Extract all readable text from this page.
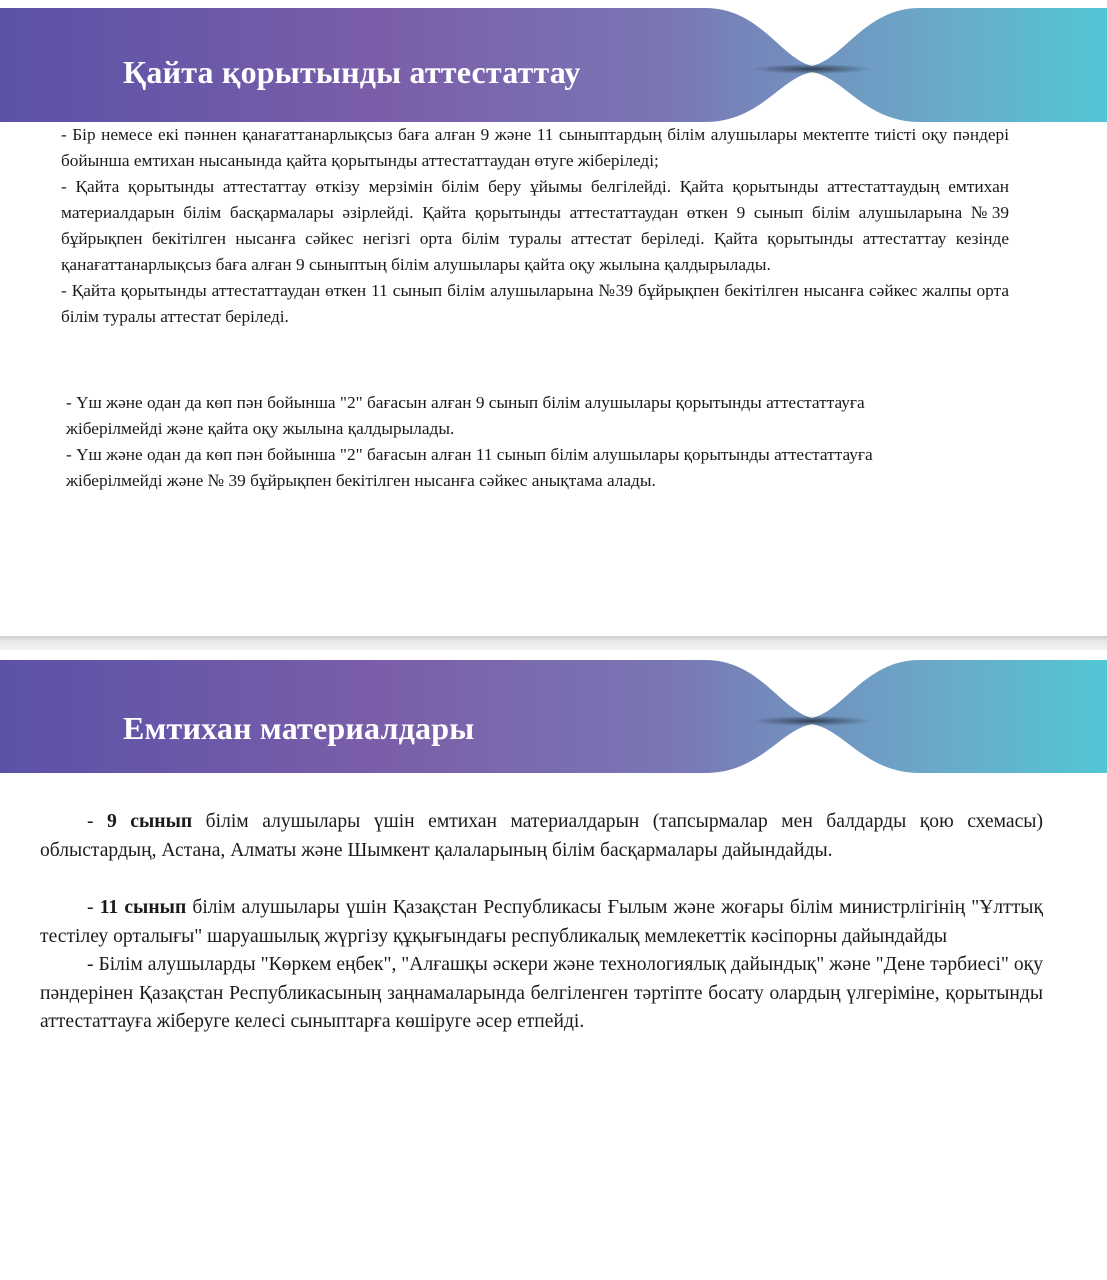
Қайта қорытынды аттестаттау

- Бір немесе екі пәннен қанағаттанарлықсыз баға алған 9 және 11 сыныптардың білім алушылары мектепте тиісті оқу пәндері бойынша емтихан нысанында қайта қорытынды аттестаттаудан өтуге жіберіледі;

- Қайта қорытынды аттестаттау өткізу мерзімін білім беру ұйымы белгілейді. Қайта қорытынды аттестаттаудың емтихан материалдарын білім басқармалары әзірлейді. Қайта қорытынды аттестаттаудан өткен 9 сынып білім алушыларына №39 бұйрықпен бекітілген нысанға сәйкес негізгі орта білім туралы аттестат беріледі. Қайта қорытынды аттестаттау кезінде қанағаттанарлықсыз баға алған 9 сыныптың білім алушылары қайта оқу жылына қалдырылады.

- Қайта қорытынды аттестаттаудан өткен 11 сынып білім алушыларына №39 бұйрықпен бекітілген нысанға сәйкес жалпы орта білім туралы аттестат беріледі.

- Үш және одан да көп пән бойынша "2" бағасын алған 9 сынып білім алушылары қорытынды аттестаттауға жіберілмейді және қайта оқу жылына қалдырылады.

- Үш және одан да көп пән бойынша "2" бағасын алған 11 сынып білім алушылары қорытынды аттестаттауға жіберілмейді және № 39 бұйрықпен бекітілген нысанға сәйкес анықтама алады.

Емтихан материалдары

- 9 сынып білім алушылары үшін емтихан материалдарын (тапсырмалар мен балдарды қою схемасы) облыстардың, Астана, Алматы және Шымкент қалаларының білім басқармалары дайындайды.

- 11 сынып білім алушылары үшін Қазақстан Республикасы Ғылым және жоғары білім министрлігінің "Ұлттық тестілеу орталығы" шаруашылық жүргізу құқығындағы республикалық мемлекеттік кәсіпорны дайындайды

- Білім алушыларды "Көркем еңбек", "Алғашқы әскери және технологиялық дайындық" және "Дене тәрбиесі" оқу пәндерінен Қазақстан Республикасының заңнамаларында белгіленген тәртіпте босату олардың үлгеріміне, қорытынды аттестаттауға жіберуге келесі сыныптарға көшіруге әсер етпейді.
